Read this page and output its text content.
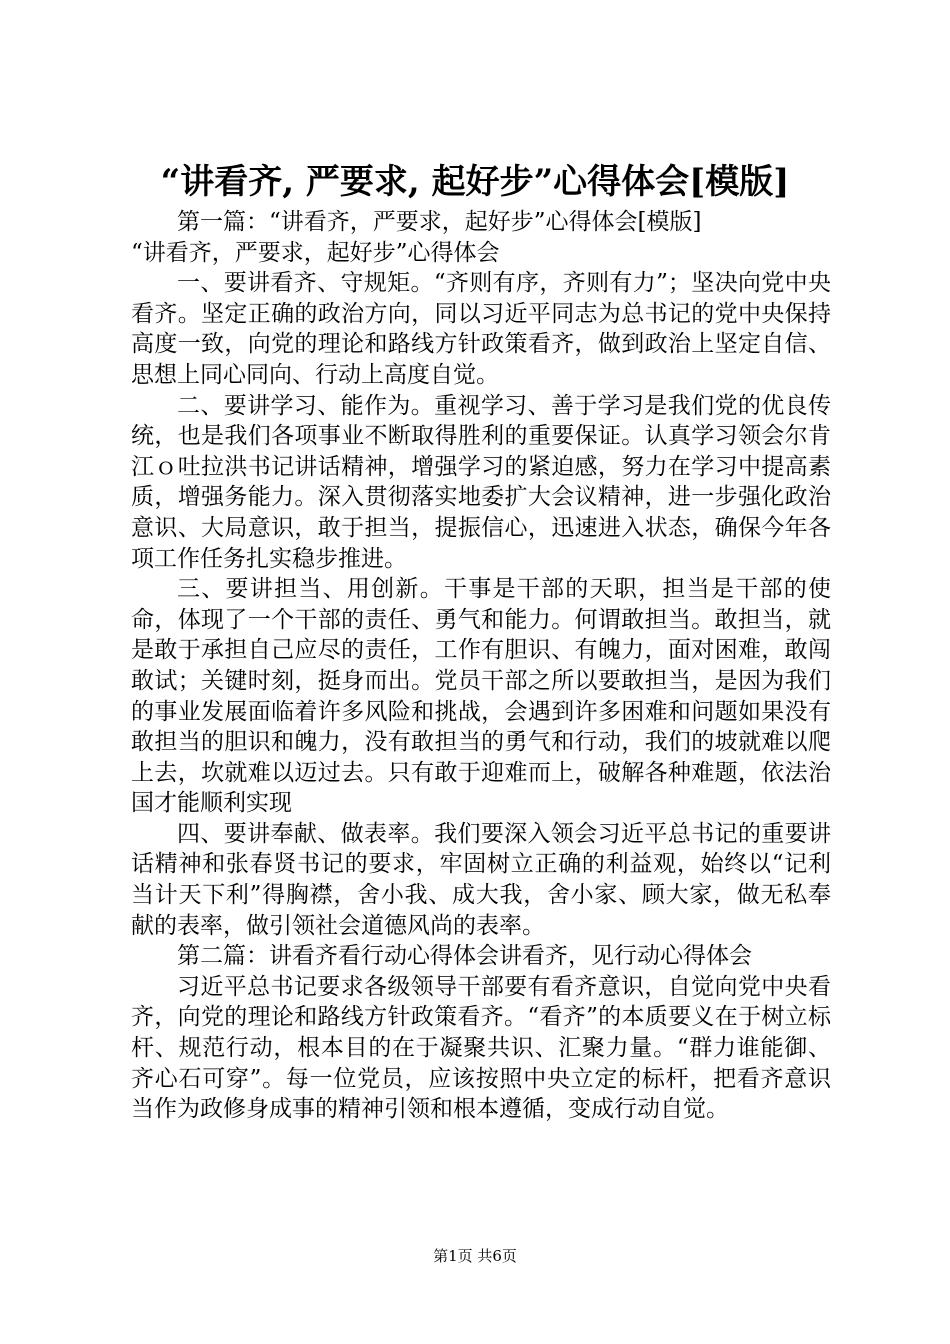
“讲看齐, 严要求, 起好步”心得体会[模版]

第一篇：“讲看齐，严要求，起好步”心得体会[模版]

“讲看齐，严要求，起好步”心得体会

一、要讲看齐、守规矩。“齐则有序，齐则有力”；坚决向党中央看齐。坚定正确的政治方向，同以习近平同志为总书记的党中央保持高度一致，向党的理论和路线方针政策看齐，做到政治上坚定自信、思想上同心同向、行动上高度自觉。

二、要讲学习、能作为。重视学习、善于学习是我们党的优良传统，也是我们各项事业不断取得胜利的重要保证。认真学习领会尔肯江ｏ吐拉洪书记讲话精神，增强学习的紧迫感，努力在学习中提高素质，增强务能力。深入贯彻落实地委扩大会议精神，进一步强化政治意识、大局意识，敢于担当，提振信心，迅速进入状态，确保今年各项工作任务扎实稳步推进。

三、要讲担当、用创新。干事是干部的天职，担当是干部的使命，体现了一个干部的责任、勇气和能力。何谓敢担当。敢担当，就是敢于承担自己应尽的责任，工作有胆识、有魄力，面对困难，敢闯敢试；关键时刻，挺身而出。党员干部之所以要敢担当，是因为我们的事业发展面临着许多风险和挑战，会遇到许多困难和问题如果没有敢担当的胆识和魄力，没有敢担当的勇气和行动，我们的坡就难以爬上去，坎就难以迈过去。只有敢于迎难而上，破解各种难题，依法治国才能顺利实现

四、要讲奉献、做表率。我们要深入领会习近平总书记的重要讲话精神和张春贤书记的要求，牢固树立正确的利益观，始终以“记利当计天下利”得胸襟，舍小我、成大我，舍小家、顾大家，做无私奉献的表率，做引领社会道德风尚的表率。

第二篇：讲看齐看行动心得体会讲看齐，见行动心得体会

习近平总书记要求各级领导干部要有看齐意识，自觉向党中央看齐，向党的理论和路线方针政策看齐。“看齐”的本质要义在于树立标杆、规范行动，根本目的在于凝聚共识、汇聚力量。“群力谁能御、齐心石可穿”。每一位党员，应该按照中央立定的标杆，把看齐意识当作为政修身成事的精神引领和根本遵循，变成行动自觉。

第1页 共6页
